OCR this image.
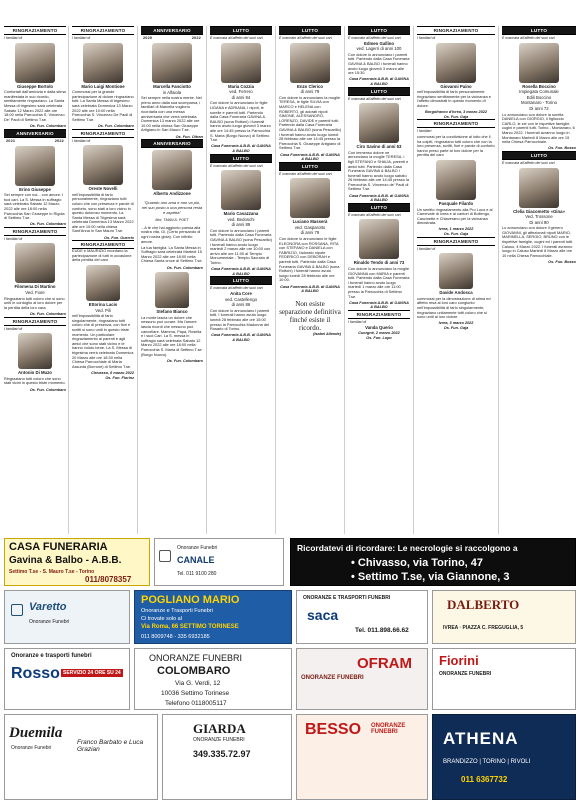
RINGRAZIAMENTO
I familiari di
Giuseppe Bortolo

Confortati dall'amicizia e dalla stima manifestata in suo ricordo, sentitamente ringraziano. La Santa Messa di trigesimo sarà celebrata Sabato 12 Marzo 2022 alle ore 18:00 nella Parrocchia S. Vincenzo De' Paoli di Settimo T.se.

Os. Fun. Colombaro
ANNIVERSARIO
2021	2022
Erino Giuseppe

Sei sempre con noi... con amore. I tuoi cari. La S. Messa in suffragio sarà celebrata Sabato 12 Marzo 2022 alle ore 18:00 nella Parrocchia San Giuseppe in Rigola di Settimo T.se.

Os. Fun. Colombaro
RINGRAZIAMENTO
I familiari di
Filomena Di Martino
Ved. Fiore

Ringraziano tutti coloro che si sono uniti in cordoglio al loro dolore per la perdita della loro cara.

Os. Fun. Colombaro
RINGRAZIAMENTO
I familiari di
Antonio Di Muzo

Ringraziano tutti coloro che sono stati vicini in questo triste momento.

Os. Fun. Colombaro
RINGRAZIAMENTO
I familiari di
Mario Luigi Montione

Commossi per la grande partecipazione al dolore ringraziano tutti. La Santa Messa di trigesimo sarà celebrata Domenica 13 Marzo 2022 alle ore 10:00 nella Parrocchia S. Vincenzo De Paoli di Settimo T.se.

Os. Fun. Colombaro
RINGRAZIAMENTO
I familiari di
Oreste Novelli

nell'impossibilità di farlo personalmente, ringraziano tutti coloro che con presenza e parole di conforto, sono stati a loro vicino in questo doloroso momento. La Santa Messa di Trigesima sarà celebrata Domenica 13 Marzo 2022 alle ore 10:00 nella chiesa Sant'Anna in San Mauro T.se.

Os. Fun. Guerrio
RINGRAZIAMENTO

EUDE e MAURIZIO ricordano la partecipazione di tutti in occasione della perdita del caro

Ettorina Lacis
Ved. Pili

nell'impossibilità di farlo singolarmente, ringraziano tutti coloro che di presenza, con fiori e scritti si sono uniti in questo triste momento. Un particolare ringraziamento ai parenti e agli amici che sono stati vicino e le hanno voluto bene. La S. Messa di trigesima verrà celebrata Domenica 20 Marzo alle ore 18:30 nella Chiesa Parrocchiale di Maria Assunta (Borrone) di Settimo T.se.

Chivasso, 8 marzo 2022
Os. Fun. Florinz
ANNIVERSARIO
2020	2022
Marcella Fanciotto
in Alfaiola

Sei sempre nella nostra mente. Nel primo anno dalla sua scomparsa, i familiari di Marcella vogliono ricordarla con una messa anniversaria che verrà celebrata Domenica 13 marzo 2022 alle ore 10:00 nella chiesa San Giuseppe Artigiano in San Mauro T.se.

Os. Fun. Oltran
ANNIVERSARIO
Alberto Andizzone
"Quando uno ama e non va più, nel suo posto a una persona resta e aspetta"
Mor, TMAN A. POET

...A te che hai aggiunto poesia alla nostra vita, Gi. (Certo pensando di ogni nostra gioia). Con infinito amore.

La tua famiglia. La Santa Messa in Suffragio sarà celebrata Martedì 15 Marzo 2022 alle ore 18:00 nella Chiesa Santa croce di Settimo T.se.

Os. Fun. Colombaro
Stefano Bianco

La morte lascia un dolore che nessuno può curare. Ma l'amore lascia ricordi che nessuno può cancellare. Mamma, Papà, Rosella e i suoi Cari. La S. messa in suffragio sarà celebrata Sabato 12 Marzo 2022 alle ore 18:00 nella Parrocchia S. Maria di Settimo T.se (Borgo Nuovo).

Os. Fun. Colombaro
LUTTO
È mancata all'affetto dei suoi cari
Maria Cozzia
ved. Ferrero
di anni 94

Con dolore lo annunciano le figlie LIDANA e ADRIANA, i nipoti, le sorelle e parenti tutti. Partendo dalla Casa Funeraria GAVINA & BALBO (sona Rottoni) i funerali hanno avuto luogo giovedì 3 marzo alle ore 14:45 presso la Parrocchia S. Maria (Borgo Nuovo) di Settimo T.se.

Casa Funeraria A.B.B. di GAVINA & BALBO
LUTTO
È mancato all'affetto dei suoi cari
Mario Cavazzana
ved. Bedoschi
di anni 89

Con dolore lo annunciano i parenti tutti. Partendo dalla Casa Funeraria GAVINA & BALBO (sona Pescarillo) i funerali hanno avuto luogo martedì 2 marzo alle ore 10:00 con arrivo alle ore 11:00 al Tempio Monumentale - Tempio Sacrario di Torino.

Casa Funeraria A.B.B. di GAVINA & BALBO
LUTTO
È mancata all'affetto dei suoi cari
Anita Core
ved. Castellengo
di anni 86

Con dolore lo annunciano i parenti tutti. I funerali hanno avuto luogo lunedì 28 febbraio alle ore 15:00 presso la Parrocchia Madonna del Rosario di Torino.

Casa Funeraria A.B.B. di GAVINA & BALBO
LUTTO
È mancato all'affetto dei suoi cari
Enzo Clerico
di anni 79

Con dolore lo annunciano la moglie TERESA, le figlie SILVIA con MARCO e HELENA con ROBERTO, gli adorati nipoti SIMONE, ALESSANDRO, LORENZO, DAVIDE e parenti tutti. Partendo dalla Casa Funeraria GAVINA & BALBO (sona Pescarillo) i funerali hanno avuto luogo lunedì 28 febbraio alle ore 14:45 presso la Parrocchia S. Giuseppe Artigiano di Settimo T.se.

Casa Funeraria A.B.B. di GAVINA & BALBO
LUTTO
È mancato all'affetto dei suoi cari
Luciano Masserà
ved. Gasparotto
di anni 79

Con dolore lo annunciano le figlie ELEONORA con ROSSANA, RITA con STEFANO e DANIELA con FABRIZIO, l'adorato nipote FEDERICO con DEBORAH e parenti tutti. Partendo dalla Casa Funeraria GAVINA & BALBO (sona Rottoni) i funerali hanno avuto luogo lunedì 28 febbraio alle ore 10:00.

Casa Funeraria A.B.B. di GAVINA & BALBO
Non esiste separazione definitiva finché esiste il ricordo.
(Isabel Allende)
LUTTO
È mancato all'affetto dei suoi cari
Edmeo Gallino
ved. Lagerri di anni 100

Con dolore lo annunciano i parenti tutti. Partendo dalla Casa Funeraria GAVINA & BALBO i funerali hanno avuto luogo giovedì 3 marzo alle ore 15:30.

Casa Funeraria A.B.B. di GAVINA & BALBO
LUTTO
È mancata all'affetto dei suoi cari
Ciro Savino di anni 53

Con immenso dolore ne annunciano la moglie TERESA, i figli STEFANO e SHAIJA, parenti e amici tutti. Partendo dalla Casa Funeraria GAVINA & BALBO i funerali hanno avuto luogo sabato 26 febbraio alle ore 14:45 presso la Parrocchia S. Vincenzo de' Paoli di Settimo T.se.

Casa Funeraria A.B.B. di GAVINA & BALBO
LUTTO
È mancato all'affetto dei suoi cari
Rinaldo Tendo di anni 73

Con dolore lo annunciano la moglie GIOVANNA con MARIA e parenti tutti. Partendo dalla Casa Funeraria i funerali hanno avuto luogo martedì 1 marzo alle ore 11:00 presso la Parrocchia di Settimo T.se.

Casa Funeraria A.B.B. di GAVINA & BALBO
RINGRAZIAMENTO
I familiari di
Vanda Querio
Cuorgnè, 2 marzo 2022
Os. Fun. Lupo
RINGRAZIAMENTO
I familiari di
Giovanni Paino

nell'impossibilità di farlo personalmente ringraziano sentitamente per la vicinanza e l'affetto dimostrati in questo momento di dolore.

Borgofranco d'Ivrea, 3 marzo 2022
Os. Fun. Gaja
RINGRAZIAMENTO
I familiari

commossi per la condivisione al lutto che li ha colpiti, ringraziano tutti coloro che con la loro presenza, scritti, fiori e parole di conforto hanno preso parte al loro dolore per la perdita del caro

Pasquale Filardo

Un sentito ringraziamento alla Pro Loco e al Carnevale di Ivrea e ai cantori di Bollengo, Cascinette e Chiaverano per la vicinanza dimostrata.

Ivrea, 1 marzo 2022
Os. Fun. Gaja
RINGRAZIAMENTO
I familiari di
Davide Andosca

commossi per la dimostrazione di stima ed affetto resa al loro caro congiunto nell'impossibilità di farlo singolarmente, ringraziano unitamente tutti coloro che si sono uniti al loro dolore.

Ivrea, 3 marzo 2022
Os. Fun. Gaja
LUTTO
È mancata all'affetto dei suoi cari
Rosella Boccino
Impiegata Comunale
Edili Boccino
Montanaro - Torino
Di anni 72

Lo annunciano con dolore la sorella DANIELA con GIORGIO, il figlioccio CARLO, le zie con le rispettive famiglie, cugini e parenti tutti. Torino - Montanaro, 6 Marzo 2022. I funerali avranno luogo in Montanaro Martedì 8 Marzo alle ore 15 nella Chiesa Parrocchiale.

Os. Fun. Bosso
LUTTO
È mancata all'affetto dei suoi cari
Clelia Giacometto «Gina»
Ved. Trossone
Di anni 90

Lo annunciano con dolore il genero GIOVANNI, gli affezionati nipoti MARIO, MARINELLA, SERGIO, BRUNO con le rispettive famiglie, cugini ed i parenti tutti. Caluso, 4 Marzo 2022. I funerali avranno luogo in Caluso Martedì 8 Marzo alle ore 10 nella Chiesa Parrocchiale.

Os. Fun. Bosso
CASA FUNERARIA
Gavina & Balbo - A.B.B.
Settimo T.se - S. Mauro T.se - Torino
011/8078357
Onoranze Funebri
CANALE
Tel. 011 9100 280
Ricordatevi di ricordare: Le necrologie si raccolgono a
• Chivasso, via Torino, 47
• Settimo T.se, via Giannone, 3
Varetto
Onoranze Funebri
POGLIANO MARIO
Onoranze e Trasporti Funebri
Ci trovate solo al
Via Roma, 66 SETTIMO TORINESE
011 8009748 - 335 6932185
ONORANZE E TRASPORTI FUNEBRI
saca
Tel. 011.898.66.62
DALBERTO
IVREA · PIAZZA C. FREGUGLIA, 5
Onoranze e trasporti funebri
Rosso SERVIZIO 24 ORE SU 24
ONORANZE FUNEBRI
COLOMBARO
Via G. Verdi, 12
10036 Settimo Torinese
Telefono 0118005117
OFRAM
ONORANZE FUNEBRI
Fiorini
ONORANZE FUNEBRI
Duemila
Onoranze Funebri
Franco Barbato e Luca Grazian
GIARDA
ONORANZE FUNEBRI
349.335.72.97
BESSO ONORANZE FUNEBRI	ATHENA
BRANDIZZO | TORINO | RIVOLI
011 6367732
